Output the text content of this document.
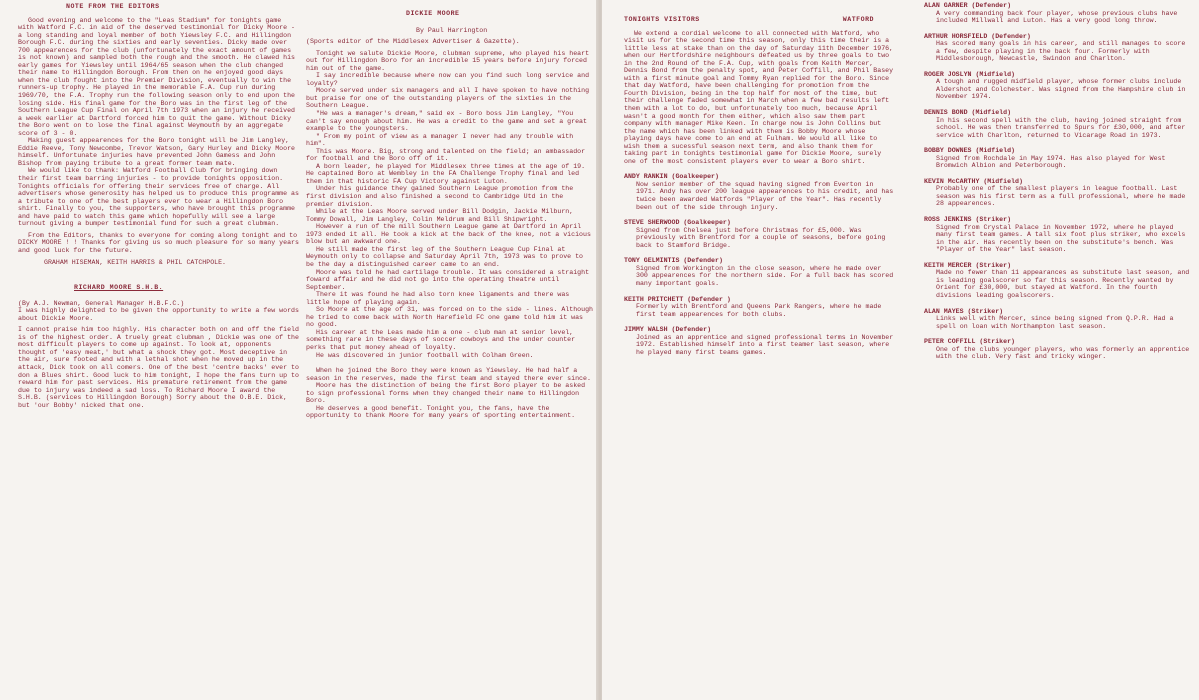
NOTE FROM THE EDITORS

Good evening and welcome to the "Leas Stadium" for tonights game with Watford F.C. in aid of the deserved testimonial for Dicky Moore - a long standing and loyal member of both Yiewsley F.C. and Hillingdon Borough F.C. during the sixties and early seventies. Dicky made over 700 appearences for the club (unfortunately the exact amount of games is not known) and sampled both the rough and the smooth. He clawed his early games for Yiewsley until 1964/65 season when the club changed their name to Hillingdon Borough. From then on he enjoyed good days when the club fought into the Premier Division, eventually to win the runners-up trophy. He played in the memorable F.A. Cup run during 1969/70, the F.A. Trophy run the following season only to end upon the losing side. His final game for the Boro was in the first leg of the Southern League Cup Final on April 7th 1973 when an injury he received a week earlier at Dartford forced him to quit the game. Without Dicky the Boro went on to lose the final against Weymouth by an aggregate score of 3 - 0.

Making guest appearences for the Boro tonight will be Jim Langley, Eddie Reeve, Tony Newcombe, Trevor Watson, Gary Hurley and Dicky Moore himself. Unfortunate injuries have prevented John Gamess and John Bishop from paying tribute to a great former team mate.

We would like to thank: Watford Football Club for bringing down their first team barring injuries - to provide tonights opposition. Tonights officials for offering their services free of charge. All advertisers whose generosity has helped us to produce this programme as a tribute to one of the best players ever to wear a Hillingdon Boro shirt. Finally to you, the supporters, who have brought this programme and have paid to watch this game which hopefully will see a large turnout giving a bumper testimonial fund for such a great clubman.

From the Editors, thanks to everyone for coming along tonight and to DICKY MOORE ! ! Thanks for giving us so much pleasure for so many years and good luck for the future.

GRAHAM HISEMAN, KEITH HARRIS & PHIL CATCHPOLE.

RICHARD MOORE S.H.B.

(By A.J. Newman, General Manager H.B.F.C.)

I was highly delighted to be given the opportunity to write a few words about Dickie Moore.

I cannot praise him too highly. His character both on and off the field is of the highest order. A truely great clubman , Dickie was one of the most difficult players to come up against. To look at, opponents thought of 'easy meat,' but what a shock they got. Most deceptive in the air, sure footed and with a lethal shot when he moved up in the attack, Dick took on all comers. One of the best 'centre backs' ever to don a Blues shirt. Good luck to him tonight, I hope the fans turn up to reward him for past services. His premature retirement from the game due to injury was indeed a sad loss. To Richard Moore I award the S.H.B. (services to Hillingdon Borough) Sorry about the O.B.E. Dick, but 'our Bobby' nicked that one.

DICKIE MOORE

By Paul Harrington

(Sports editor of the Middlesex Advertiser & Gazette).

Tonight we salute Dickie Moore, clubman supreme, who played his heart out for Hillingdon Boro for an incredible 15 years before injury forced him out of the game.

I say incredible because where now can you find such long service and loyalty?

Moore served under six managers and all I have spoken to have nothing but praise for one of the outstanding players of the sixties in the Southern League.

"He was a manager's dream," said ex - Boro boss Jim Langley, "You can't say enough about him. He was a credit to the game and set a great example to the youngsters.

" From my point of view as a manager I never had any trouble with him".

This was Moore. Big, strong and talented on the field; an ambassador for football and the Boro off of it.

A born leader, he played for Middlesex three times at the age of 19. He captained Boro at Wembley in the FA Challenge Trophy final and led them in that historic FA Cup Victory against Luton.

Under his guidance they gained Southern League promotion from the first division and also finished a second to Cambridge Utd in the premier division.

While at the Leas Moore served under Bill Dodgin, Jackie Milburn, Tommy Dowall, Jim Langley, Colin Meldrum and Bill Shipwright.

However a run of the mill Southern League game at Dartford in April 1973 ended it all. He took a kick at the back of the knee, not a vicious blow but an awkward one.

He still made the first leg of the Southern League Cup Final at Weymouth only to collapse and Saturday April 7th, 1973 was to prove to be the day a distinguished career came to an end.

Moore was told he had cartilage trouble. It was considered a straight foward affair and he did not go into the operating theatre until September.

There it was found he had also torn knee ligaments and there was little hope of playing again.

So Moore at the age of 31, was forced on to the side - lines. Although he tried to come back with North Harefield FC one game told him it was no good.

His career at the Leas made him a one - club man at senior level, something rare in these days of soccer cowboys and the under counter perks that put money ahead of loyalty.

He was discovered in junior football with Colham Green.

When he joined the Boro they were known as Yiewsley. He had half a season in the reserves, made the first team and stayed there ever since.

Moore has the distinction of being the first Boro player to be asked to sign professional forms when they changed their name to Hillingdon Boro.

He deserves a good benefit. Tonight you, the fans, have the opportunity to thank Moore for many years of sporting entertainment.

TONIGHTS VISITORS	WATFORD

We extend a cordial welcome to all connected with Watford, who visit us for the second time this season, only this time their is a little less at stake than on the day of Saturday 11th December 1976, when our Hertfordshire neighbours defeated us by three goals to two in the 2nd Round of the F.A. Cup, with goals from Keith Mercer, Dennis Bond from the penalty spot, and Peter Coffill, and Phil Basey with a first minute goal and Tommy Ryan replied for the Boro. Since that day Watford, have been challenging for promotion from the Fourth Division, being in the top half for most of the time, but their challenge faded somewhat in March when a few bad results left them with a lot to do, but unfortunately too much, because April wasn't a good month for them either, which also saw them part company with manager Mike Keen. In charge now is John Collins but the name which has been linked with them is Bobby Moore whose playing days have come to an end at Fulham. We would all like to wish them a sucessful season next term, and also thank them for taking part in tonights testimonial game for Dickie Moore, surely one of the most consistent players ever to wear a Boro shirt.

ANDY RANKIN (Goalkeeper)
Now senior member of the squad having signed from Everton in 1971. Andy has over 200 league appearences to his credit, and has twice been awarded Watfords "Player of the Year". Has recently been out of the side through injury.
STEVE SHERWOOD (Goalkeeper)
Signed from Chelsea just before Christmas for £5,000. Was previously with Brentford for a couple of seasons, before going back to Stamford Bridge.
TONY GELMINTIS (Defender)
Signed from Workington in the close season, where he made over 300 appearences for the northern side. For a full back has scored many important goals.
KEITH PRITCHETT (Defender )
Formerly with Brentford and Queens Park Rangers, where he made first team appearences for both clubs.
JIMMY WALSH (Defender)
Joined as an apprentice and signed professional terms in November 1972. Established himself into a first teamer last season, where he played many first teams games.
ALAN GARNER (Defender)
A very commanding back four player, whose previous clubs have included Millwall and Luton. Has a very good long throw.
ARTHUR HORSFIELD (Defender)
Has scored many goals in his career, and still manages to score a few, despite playing in the back four. Formerly with Middlesborough, Newcastle, Swindon and Charlton.
ROGER JOSLYN (Midfield)
A tough and rugged midfield player, whose former clubs include Aldershot and Colchester. Was signed from the Hampshire club in November 1974.
DENNIS BOND (Midfield)
In his second spell with the club, having joined straight from school. He was then transferred to Spurs for £30,000, and after service with Charlton, returned to Vicarage Road in 1973.
BOBBY DOWNES (Midfield)
Signed from Rochdale in May 1974. Has also played for West Bromwich Albion and Peterborough.
KEVIN McCARTHY (Midfield)
Probably one of the smallest players in league football. Last season was his first term as a full professional, where he made 28 appearences.
ROSS JENKINS (Striker)
Signed from Crystal Palace in November 1972, where he played many first team games. A tall six foot plus striker, who excels in the air. Has recently been on the substitute's bench. Was "Player of the Year" last season.
KEITH MERCER (Striker)
Made no fewer than 11 appearances as substitute last season, and is leading goalscorer so far this season. Recently wanted by Orient for £30,000, but stayed at Watford. In the fourth divisions leading goalscorers.
ALAN MAYES (Striker)
Links well with Mercer, since being signed from Q.P.R. Had a spell on loan with Northampton last season.
PETER COFFILL (Striker)
One of the clubs younger players, who was formerly an apprentice with the club. Very fast and tricky winger.
